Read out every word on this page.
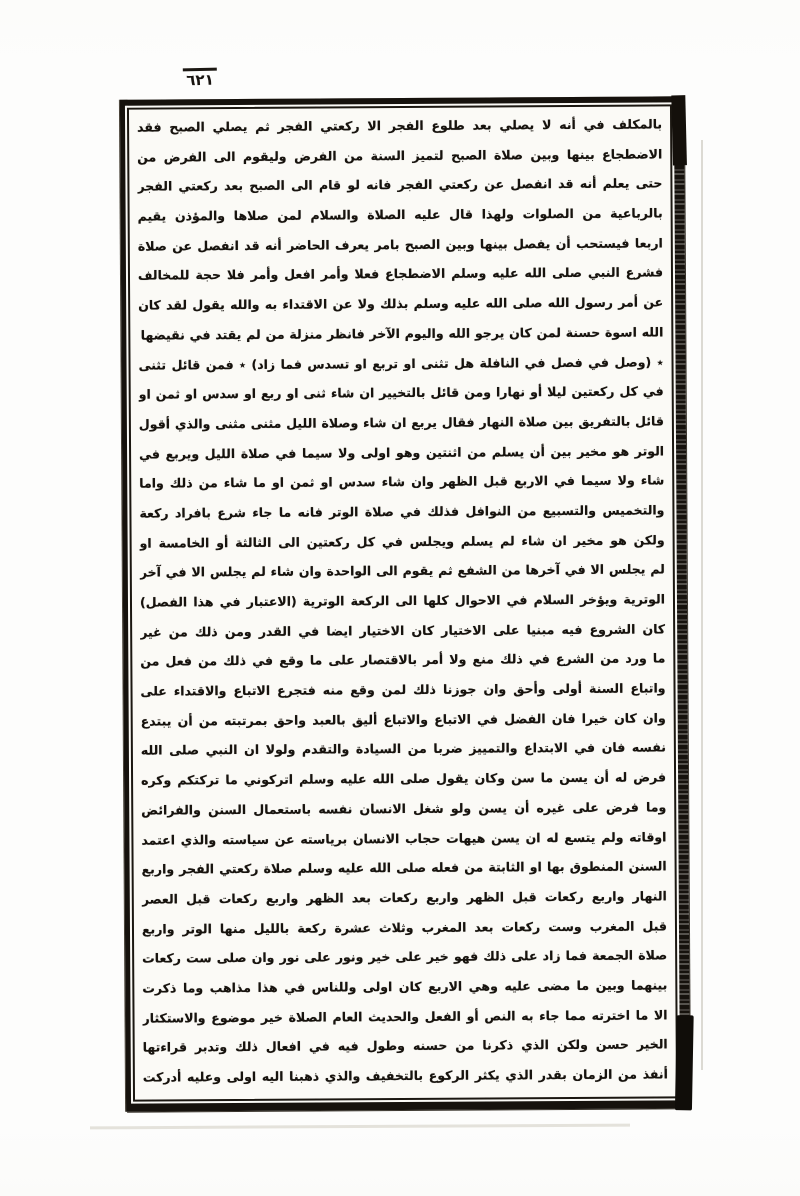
٦٢١
بالمكلف في أنه لا يصلي بعد طلوع الفجر الا ركعتي الفجر ثم يصلي الصبح فقد
الاضطجاع بينها وبين صلاة الصبح لتميز السنة من الفرض وليقوم الى الفرض من
حتى يعلم أنه قد انفصل عن ركعتي الفجر فانه لو قام الى الصبح بعد ركعتي الفجر
بالرباعية من الصلوات ولهذا قال عليه الصلاة والسلام لمن صلاها والمؤذن يقيم
اربعا فيستحب أن يفصل بينها وبين الصبح بامر يعرف الحاضر أنه قد انفصل عن صلاة
فشرع النبي صلى الله عليه وسلم الاضطجاع فعلا وأمر افعل وأمر فلا حجة للمخالف
عن أمر رسول الله صلى الله عليه وسلم بذلك ولا عن الاقتداء به والله يقول لقد كان
الله اسوة حسنة لمن كان يرجو الله واليوم الآخر فانظر منزلة من لم يقتد في نقيضها
٭ (وصل في فصل في النافلة هل تثنى او تربع او تسدس فما زاد) ٭ فمن قائل تثنى
في كل ركعتين ليلا أو نهارا ومن قائل بالتخيير ان شاء ثنى او ربع او سدس او ثمن او
قائل بالتفريق بين صلاة النهار فقال يربع ان شاء وصلاة الليل مثنى مثنى والذي أقول
الوتر هو مخير بين أن يسلم من اثنتين وهو اولى ولا سيما في صلاة الليل ويربع في
شاء ولا سيما في الاربع قبل الظهر وان شاء سدس او ثمن او ما شاء من ذلك واما
والتخميس والتسبيع من النوافل فذلك في صلاة الوتر فانه ما جاء شرع بافراد ركعة
ولكن هو مخير ان شاء لم يسلم ويجلس في كل ركعتين الى الثالثة أو الخامسة او
لم يجلس الا في آخرها من الشفع ثم يقوم الى الواحدة وان شاء لم يجلس الا في آخر
الوترية ويؤخر السلام في الاحوال كلها الى الركعة الوترية (الاعتبار في هذا الفصل)
كان الشروع فيه مبنيا على الاختيار كان الاختيار ايضا في القدر ومن ذلك من غير
ما ورد من الشرع في ذلك منع ولا أمر بالاقتصار على ما وقع في ذلك من فعل من
واتباع السنة أولى وأحق وان جوزنا ذلك لمن وقع منه فتجرع الاتباع والاقتداء على
وان كان خيرا فان الفضل في الاتباع والاتباع أليق بالعبد واحق بمرتبته من أن يبتدع
نفسه فان في الابتداع والتمييز ضربا من السيادة والتقدم ولولا ان النبي صلى الله
فرض له أن يسن ما سن وكان يقول صلى الله عليه وسلم اتركوني ما تركتكم وكره
وما فرض على غيره أن يسن ولو شغل الانسان نفسه باستعمال السنن والفرائض
اوقاته ولم يتسع له ان يسن هيهات حجاب الانسان برياسته عن سياسته والذي اعتمد
السنن المنطوق بها او الثابتة من فعله صلى الله عليه وسلم صلاة ركعتي الفجر واربع
النهار واربع ركعات قبل الظهر واربع ركعات بعد الظهر واربع ركعات قبل العصر
قبل المغرب وست ركعات بعد المغرب وثلاث عشرة ركعة بالليل منها الوتر واربع
صلاة الجمعة فما زاد على ذلك فهو خير على خير ونور على نور وان صلى ست ركعات
بينهما وبين ما مضى عليه وهي الاربع كان اولى وللناس في هذا مذاهب وما ذكرت
الا ما اخترته مما جاء به النص أو الفعل والحديث العام الصلاة خير موضوع والاستكثار
الخير حسن ولكن الذي ذكرنا من حسنه وطول فيه في افعال ذلك وتدبر قراءتها
أنفذ من الزمان بقدر الذي يكثر الركوع بالتخفيف والذي ذهبنا اليه اولى وعليه أدركت
